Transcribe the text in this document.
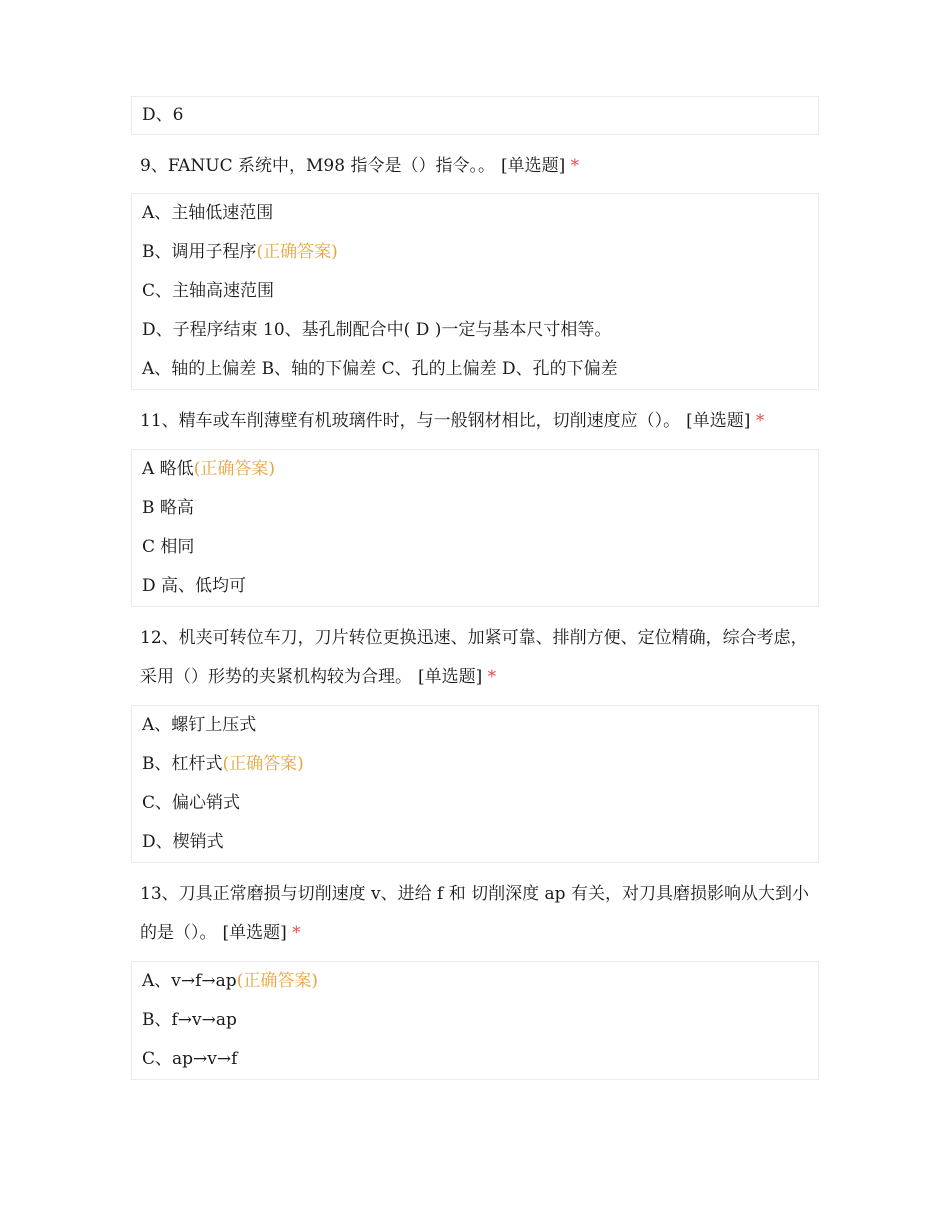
D、6
9、FANUC 系统中，M98 指令是（）指令。。 [单选题] *
A、主轴低速范围
B、调用子程序(正确答案)
C、主轴高速范围
D、子程序结束 10、基孔制配合中( D )一定与基本尺寸相等。
A、轴的上偏差 B、轴的下偏差 C、孔的上偏差 D、孔的下偏差
11、精车或车削薄壁有机玻璃件时，与一般钢材相比，切削速度应（）。 [单选题] *
A 略低(正确答案)
B 略高
C 相同
D 高、低均可
12、机夹可转位车刀，刀片转位更换迅速、加紧可靠、排削方便、定位精确，综合考虑，采用（）形势的夹紧机构较为合理。 [单选题] *
A、螺钉上压式
B、杠杆式(正确答案)
C、偏心销式
D、楔销式
13、刀具正常磨损与切削速度 v、进给 f 和 切削深度 ap 有关，对刀具磨损影响从大到小的是（）。 [单选题] *
A、v→f→ap(正确答案)
B、f→v→ap
C、ap→v→f
